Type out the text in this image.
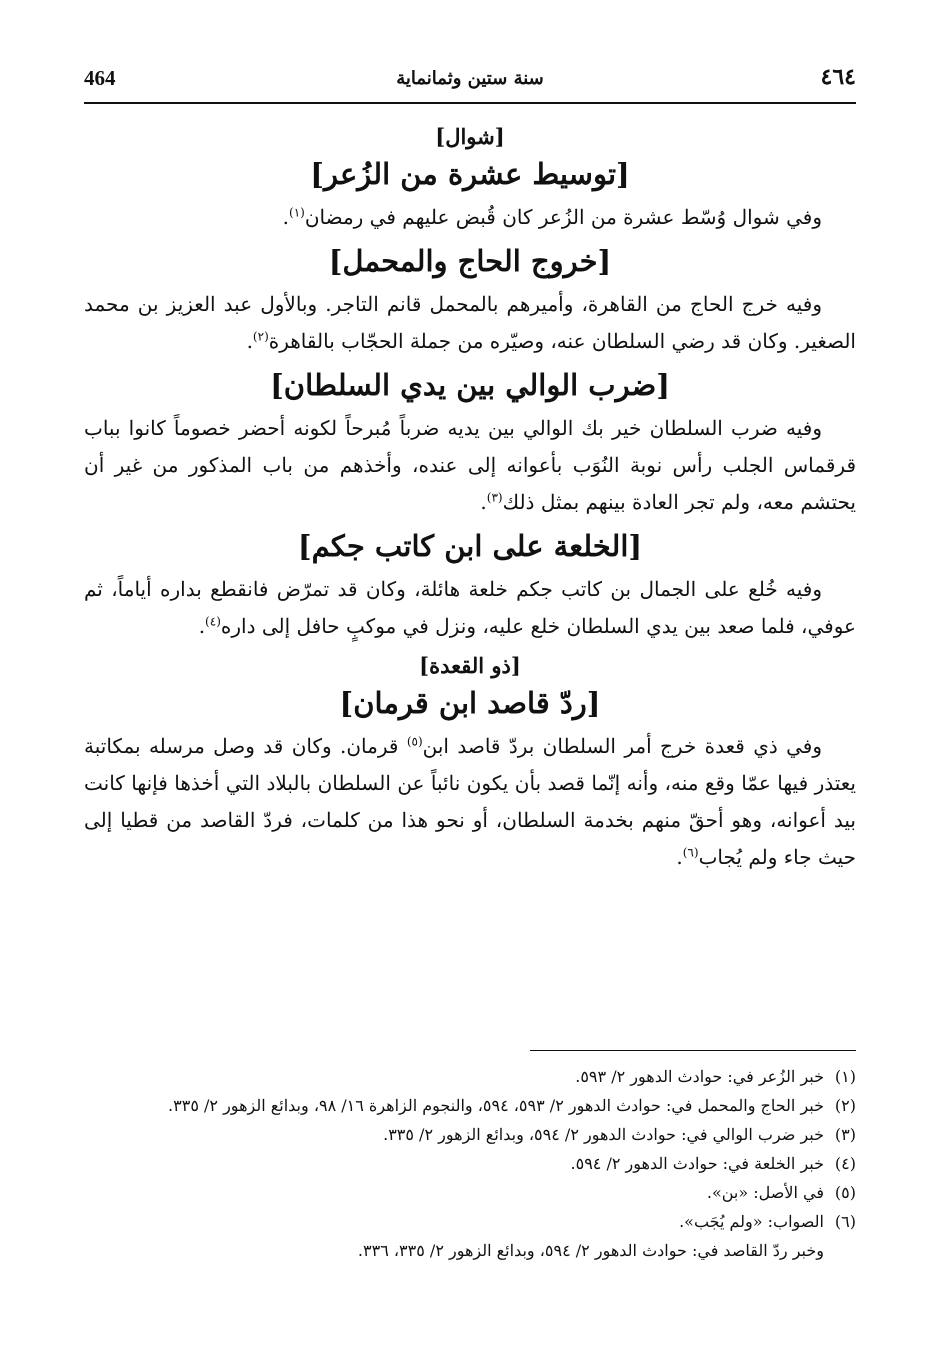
464	سنة ستين وثمانماية	٤٦٤
[شوال]
[توسيط عشرة من الزُعر]

وفي شوال وُسّط عشرة من الزُعر كان قُبض عليهم في رمضان$^{(١)}$.

[خروج الحاج والمحمل]

وفيه خرج الحاج من القاهرة، وأميرهم بالمحمل قانم التاجر. وبالأول عبد العزيز بن محمد الصغير. وكان قد رضي السلطان عنه، وصيّره من جملة الحجّاب بالقاهرة$^{(٢)}$.

[ضرب الوالي بين يدي السلطان]

وفيه ضرب السلطان خير بك الوالي بين يديه ضرباً مُبرحاً لكونه أحضر خصوماً كانوا بباب قرقماس الجلب رأس نوبة النُوَب بأعوانه إلى عنده، وأخذهم من باب المذكور من غير أن يحتشم معه، ولم تجر العادة بينهم بمثل ذلك$^{(٣)}$.

[الخلعة على ابن كاتب جكم]

وفيه خُلع على الجمال بن كاتب جكم خلعة هائلة، وكان قد تمرّض فانقطع بداره أياماً، ثم عوفي، فلما صعد بين يدي السلطان خلع عليه، ونزل في موكبٍ حافل إلى داره$^{(٤)}$.

[ذو القعدة]
[ردّ قاصد ابن قرمان]

وفي ذي قعدة خرج أمر السلطان بردّ قاصد ابن$^{(٥)}$ قرمان. وكان قد وصل مرسله بمكاتبة يعتذر فيها عمّا وقع منه، وأنه إنّما قصد بأن يكون نائباً عن السلطان بالبلاد التي أخذها فإنها كانت بيد أعوانه، وهو أحقّ منهم بخدمة السلطان، أو نحو هذا من كلمات، فردّ القاصد من قطيا إلى حيث جاء ولم يُجاب$^{(٦)}$.

(١)
خبر الزُعر في: حوادث الدهور ٢/ ٥٩٣.
(٢)
خبر الحاج والمحمل في: حوادث الدهور ٢/ ٥٩٣، ٥٩٤، والنجوم الزاهرة ١٦/ ٩٨، وبدائع الزهور ٢/ ٣٣٥.
(٣)
خبر ضرب الوالي في: حوادث الدهور ٢/ ٥٩٤، وبدائع الزهور ٢/ ٣٣٥.
(٤)
خبر الخلعة في: حوادث الدهور ٢/ ٥٩٤.
(٥)
في الأصل: «بن».
(٦)
الصواب: «ولم يُجَب».
وخبر ردّ القاصد في: حوادث الدهور ٢/ ٥٩٤، وبدائع الزهور ٢/ ٣٣٥، ٣٣٦.
